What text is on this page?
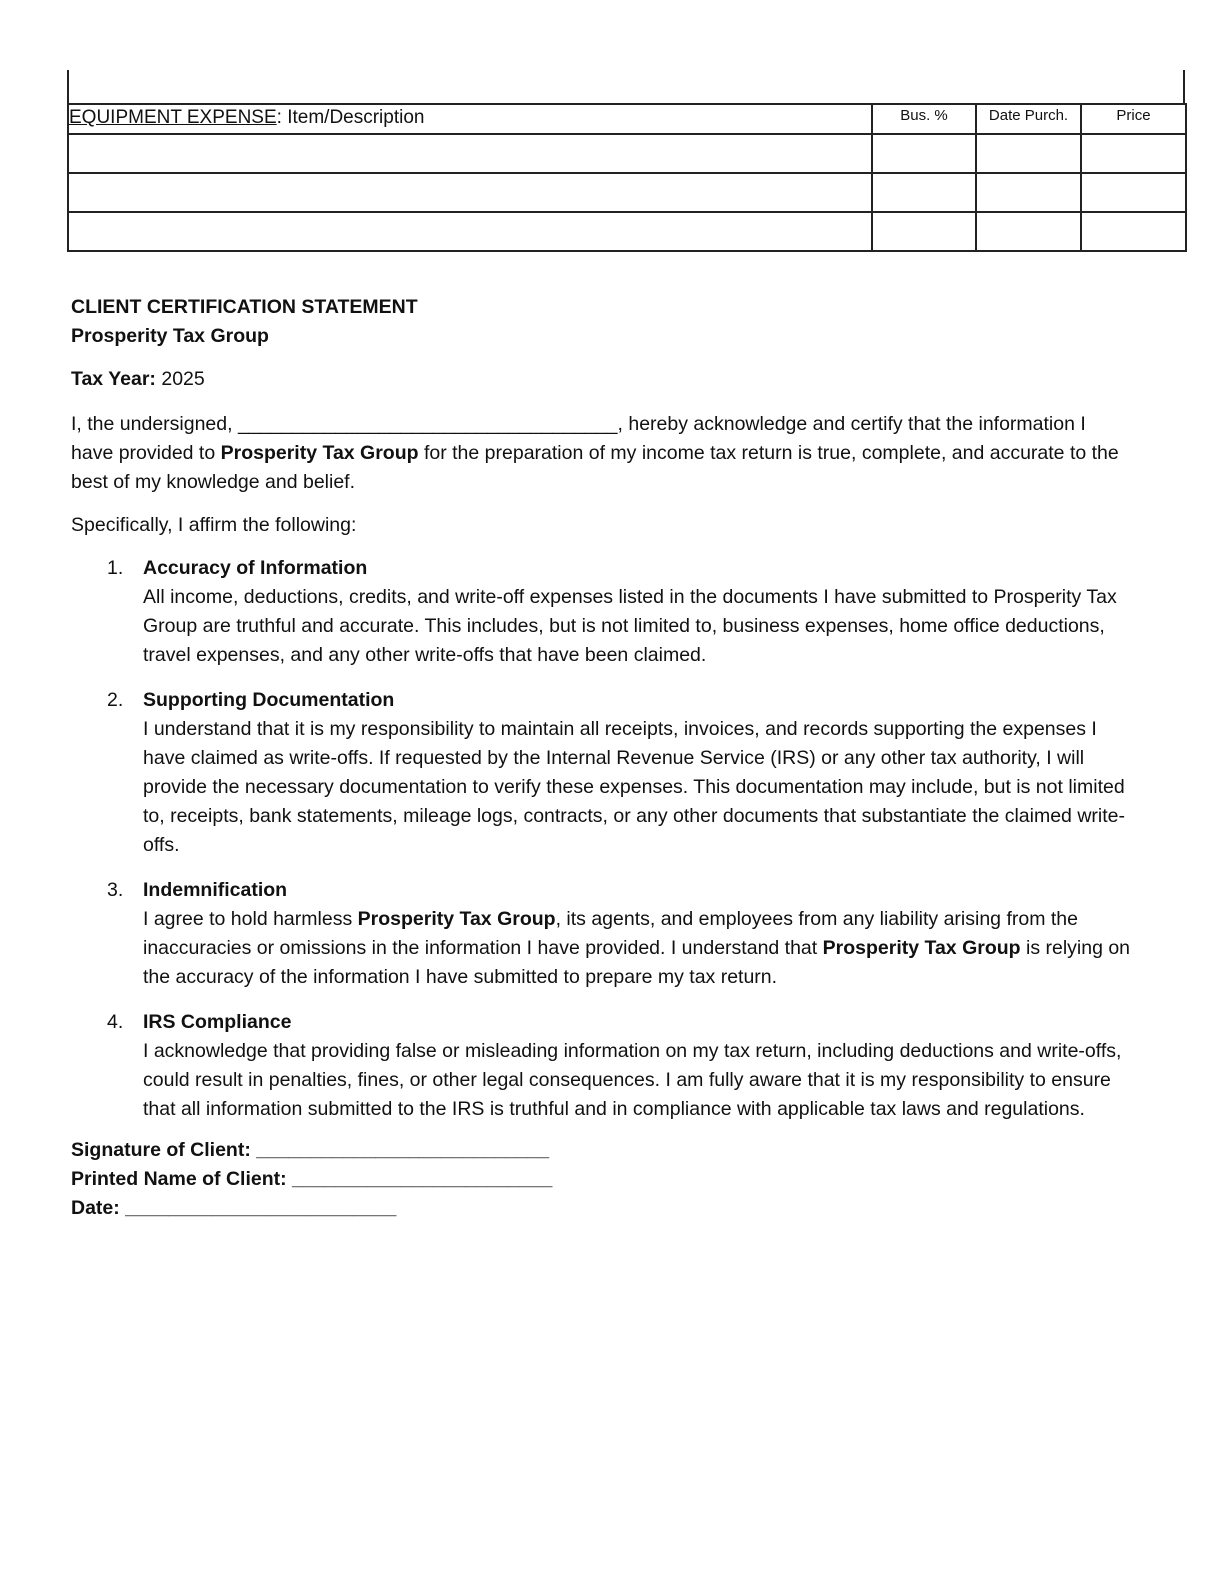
EQUIPMENT EXPENSE: Item/Description	Bus. %	Date Purch.	Price

CLIENT CERTIFICATION STATEMENT

Prosperity Tax Group

Tax Year: 2025

I, the undersigned, ___________________________________, hereby acknowledge and certify that the information I have provided to Prosperity Tax Group for the preparation of my income tax return is true, complete, and accurate to the best of my knowledge and belief.

Specifically, I affirm the following:

1. Accuracy of Information
All income, deductions, credits, and write-off expenses listed in the documents I have submitted to Prosperity Tax Group are truthful and accurate. This includes, but is not limited to, business expenses, home office deductions, travel expenses, and any other write-offs that have been claimed.
2. Supporting Documentation
I understand that it is my responsibility to maintain all receipts, invoices, and records supporting the expenses I have claimed as write-offs. If requested by the Internal Revenue Service (IRS) or any other tax authority, I will provide the necessary documentation to verify these expenses. This documentation may include, but is not limited to, receipts, bank statements, mileage logs, contracts, or any other documents that substantiate the claimed write-offs.
3. Indemnification
I agree to hold harmless Prosperity Tax Group, its agents, and employees from any liability arising from the inaccuracies or omissions in the information I have provided. I understand that Prosperity Tax Group is relying on the accuracy of the information I have submitted to prepare my tax return.
4. IRS Compliance
I acknowledge that providing false or misleading information on my tax return, including deductions and write-offs, could result in penalties, fines, or other legal consequences. I am fully aware that it is my responsibility to ensure that all information submitted to the IRS is truthful and in compliance with applicable tax laws and regulations.

Signature of Client: ___________________________

Printed Name of Client: ________________________

Date: _________________________
